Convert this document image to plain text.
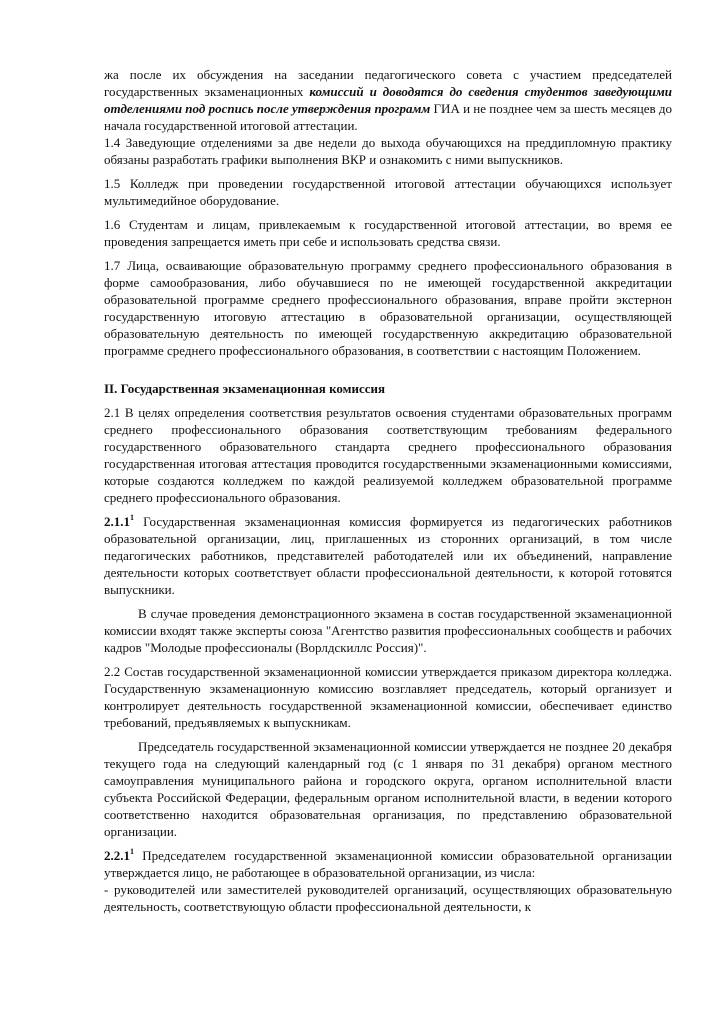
жа после их обсуждения на заседании педагогического совета с участием председателей государственных экзаменационных комиссий и доводятся до сведения студентов заведующими отделениями под роспись после утверждения программ ГИА и не позднее чем за шесть месяцев до начала государственной итоговой аттестации.

1.4 Заведующие отделениями за две недели до выхода обучающихся на преддипломную практику обязаны разработать графики выполнения ВКР и ознакомить с ними выпускников.

1.5 Колледж при проведении государственной итоговой аттестации обучающихся использует мультимедийное оборудование.

1.6 Студентам и лицам, привлекаемым к государственной итоговой аттестации, во время ее проведения запрещается иметь при себе и использовать средства связи.

1.7 Лица, осваивающие образовательную программу среднего профессионального образования в форме самообразования, либо обучавшиеся по не имеющей государственной аккредитации образовательной программе среднего профессионального образования, вправе пройти экстернон государственную итоговую аттестацию в образовательной организации, осуществляющей образовательную деятельность по имеющей государственную аккредитацию образовательной программе среднего профессионального образования, в соответствии с настоящим Положением.

II. Государственная экзаменационная комиссия

2.1 В целях определения соответствия результатов освоения студентами образовательных программ среднего профессионального образования соответствующим требованиям федерального государственного образовательного стандарта среднего профессионального образования государственная итоговая аттестация проводится государственными экзаменационными комиссиями, которые создаются колледжем по каждой реализуемой колледжем образовательной программе среднего профессионального образования.

2.1.1$^1$ Государственная экзаменационная комиссия формируется из педагогических работников образовательной организации, лиц, приглашенных из сторонних организаций, в том числе педагогических работников, представителей работодателей или их объединений, направление деятельности которых соответствует области профессиональной деятельности, к которой готовятся выпускники.

В случае проведения демонстрационного экзамена в состав государственной экзаменационной комиссии входят также эксперты союза "Агентство развития профессиональных сообществ и рабочих кадров "Молодые профессионалы (Ворлдскиллс Россия)".

2.2 Состав государственной экзаменационной комиссии утверждается приказом директора колледжа. Государственную экзаменационную комиссию возглавляет председатель, который организует и контролирует деятельность государственной экзаменационной комиссии, обеспечивает единство требований, предъявляемых к выпускникам.

Председатель государственной экзаменационной комиссии утверждается не позднее 20 декабря текущего года на следующий календарный год (с 1 января по 31 декабря) органом местного самоуправления муниципального района и городского округа, органом исполнительной власти субъекта Российской Федерации, федеральным органом исполнительной власти, в ведении которого соответственно находится образовательная организация, по представлению образовательной организации.

2.2.1$^1$ Председателем государственной экзаменационной комиссии образовательной организации утверждается лицо, не работающее в образовательной организации, из числа:

- руководителей или заместителей руководителей организаций, осуществляющих образовательную деятельность, соответствующую области профессиональной деятельности, к
